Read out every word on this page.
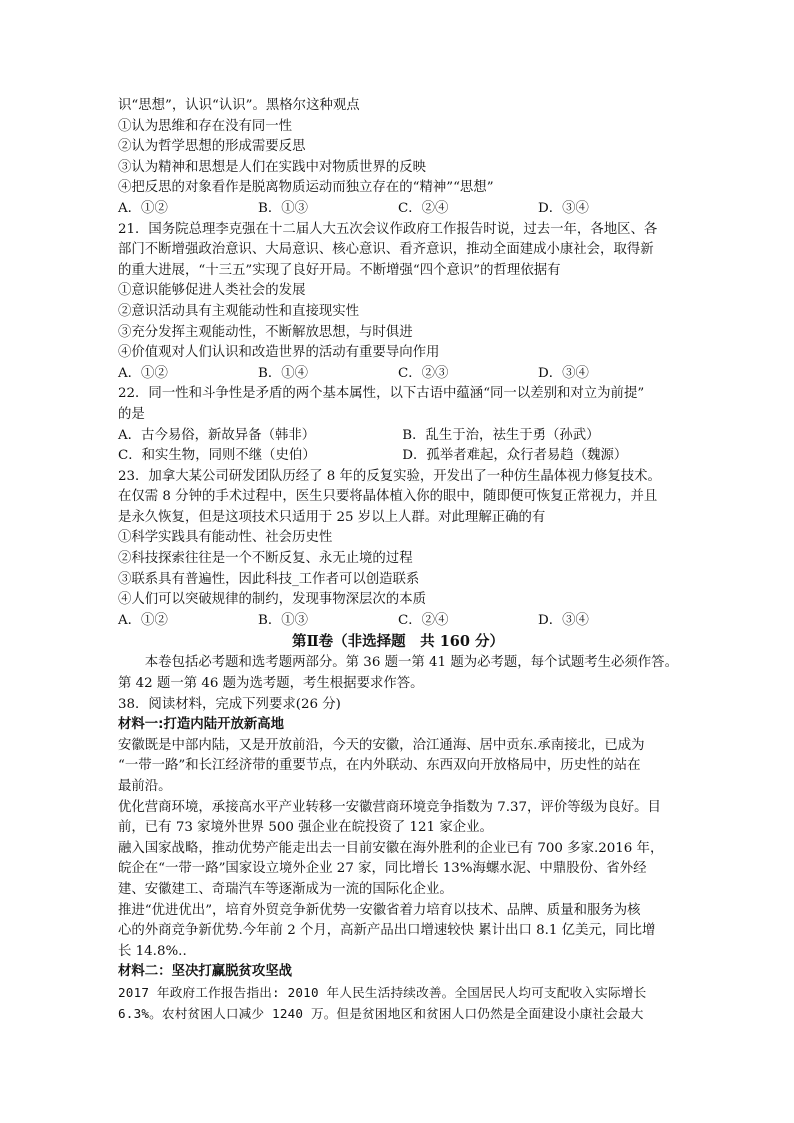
识“思想”，认识“认识”。黑格尔这种观点
①认为思维和存在没有同一性
②认为哲学思想的形成需要反思
③认为精神和思想是人们在实践中对物质世界的反映
④把反思的对象看作是脱离物质运动而独立存在的“精神”“思想”
A．①②	B．①③	C．②④	D．③④
21．国务院总理李克强在十二届人大五次会议作政府工作报告时说，过去一年，各地区、各
部门不断增强政治意识、大局意识、核心意识、看齐意识，推动全面建成小康社会，取得新
的重大进展，“十三五”实现了良好开局。不断增强“四个意识”的哲理依据有
①意识能够促进人类社会的发展
②意识活动具有主观能动性和直接现实性
③充分发挥主观能动性，不断解放思想，与时俱进
④价值观对人们认识和改造世界的活动有重要导向作用
A．①②	B．①④	C．②③	D．③④
22．同一性和斗争性是矛盾的两个基本属性，以下古语中蕴涵“同一以差别和对立为前提”
的是
A．古今易俗，新故异备（韩非）	B．乱生于治，祛生于勇（孙武）
C．和实生物，同则不继（史伯）	D．孤举者难起，众行者易趋（魏源）
23．加拿大某公司研发团队历经了 8 年的反复实验，开发出了一种仿生晶体视力修复技术。
在仅需 8 分钟的手术过程中，医生只要将晶体植入你的眼中，随即便可恢复正常视力，并且
是永久恢复，但是这项技术只适用于 25 岁以上人群。对此理解正确的有
①科学实践具有能动性、社会历史性
②科技探索往往是一个不断反复、永无止境的过程
③联系具有普遍性，因此科技_工作者可以创造联系
④人们可以突破规律的制约，发现事物深层次的本质
A．①②	B．①③	C．②④	D．③④
第Ⅱ卷（非选择题　共 160 分）
本卷包括必考题和选考题两部分。第 36 题一第 41 题为必考题，每个试题考生必须作答。
第 42 题一第 46 题为选考题，考生根据要求作答。
38．阅读材料，完成下列要求(26 分)
材料一:打造内陆开放新高地
安徽既是中部内陆，又是开放前沿，今天的安徽，洽江通海、居中贡东.承南接北，已成为
“一带一路”和长江经济带的重要节点，在内外联动、东西双向开放格局中，历史性的站在
最前沿。
优化营商环境，承接高水平产业转移一安徽营商环境竞争指数为 7.37，评价等级为良好。目
前，已有 73 家境外世界 500 强企业在皖投资了 121 家企业。
融入国家战略，推动优势产能走出去一目前安徽在海外胜利的企业已有 700 多家.2016 年，
皖企在“一带一路”国家设立境外企业 27 家，同比增长 13%海螺水泥、中鼎股份、省外经
建、安徽建工、奇瑞汽车等逐渐成为一流的国际化企业。
推进“优进优出”，培育外贸竞争新优势一安徽省着力培育以技术、品牌、质量和服务为核
心的外商竞争新优势.今年前 2 个月，高新产品出口增速较快 累计出口 8.1 亿美元，同比增
长 14.8%..
材料二：坚决打赢脱贫攻坚战
2017 年政府工作报告指出: 2010 年人民生活持续改善。全国居民人均可支配收入实际增长
6.3%。农村贫困人口减少 1240 万。但是贫困地区和贫困人口仍然是全面建设小康社会最大
